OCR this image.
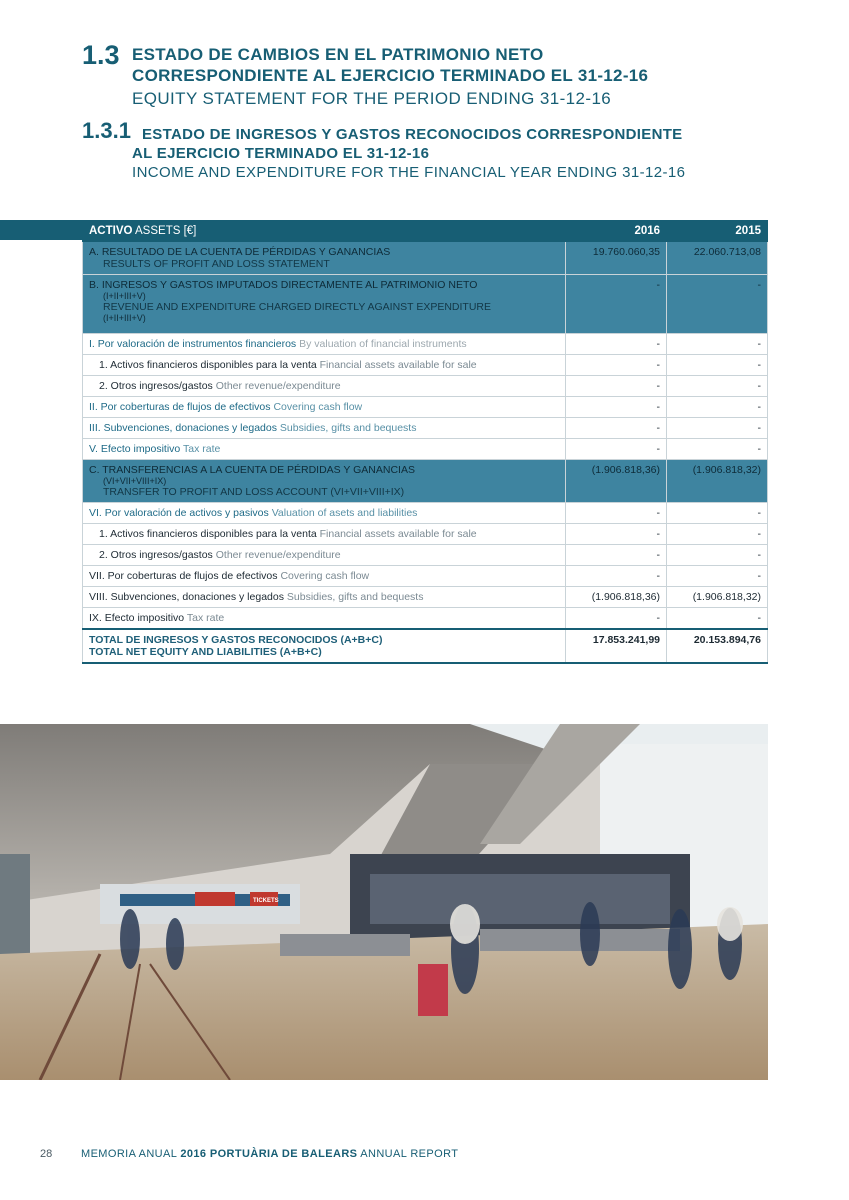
1.3 ESTADO DE CAMBIOS EN EL PATRIMONIO NETO
CORRESPONDIENTE AL EJERCICIO TERMINADO EL 31-12-16
EQUITY STATEMENT FOR THE PERIOD ENDING 31-12-16
1.3.1 ESTADO DE INGRESOS Y GASTOS RECONOCIDOS CORRESPONDIENTE
AL EJERCICIO TERMINADO EL 31-12-16
INCOME AND EXPENDITURE FOR THE FINANCIAL YEAR ENDING 31-12-16
ACTIVO ASSETS [€]	2016	2015

A. RESULTADO DE LA CUENTA DE PÉRDIDAS Y GANANCIAS
RESULTS OF PROFIT AND LOSS STATEMENT	19.760.060,35	22.060.713,08

B. INGRESOS Y GASTOS IMPUTADOS DIRECTAMENTE AL PATRIMONIO NETO
(I+II+III+V)
REVENUE AND EXPENDITURE CHARGED DIRECTLY AGAINST EXPENDITURE
(I+II+III+V)	-	-
I. Por valoración de instrumentos financieros By valuation of financial instruments	-	-
1. Activos financieros disponibles para la venta Financial assets available for sale	-	-
2. Otros ingresos/gastos Other revenue/expenditure	-	-
II. Por coberturas de flujos de efectivos Covering cash flow	-	-
III. Subvenciones, donaciones y legados Subsidies, gifts and bequests	-	-
V. Efecto impositivo Tax rate	-	-

C. TRANSFERENCIAS A LA CUENTA DE PÉRDIDAS Y GANANCIAS
(VI+VII+VIII+IX)
TRANSFER TO PROFIT AND LOSS ACCOUNT (VI+VII+VIII+IX)	(1.906.818,36)	(1.906.818,32)
VI. Por valoración de activos y pasivos Valuation of asets and liabilities	-	-
1. Activos financieros disponibles para la venta Financial assets available for sale	-	-
2. Otros ingresos/gastos Other revenue/expenditure	-	-
VII. Por coberturas de flujos de efectivos Covering cash flow	-	-
VIII. Subvenciones, donaciones y legados Subsidies, gifts and bequests	(1.906.818,36)	(1.906.818,32)
IX. Efecto impositivo Tax rate	-	-

TOTAL DE INGRESOS Y GASTOS RECONOCIDOS (A+B+C)
TOTAL NET EQUITY AND LIABILITIES (A+B+C)	17.853.241,99	20.153.894,76
TICKETS
28	MEMORIA ANUAL 2016 PORTUÀRIA DE BALEARS ANNUAL REPORT
